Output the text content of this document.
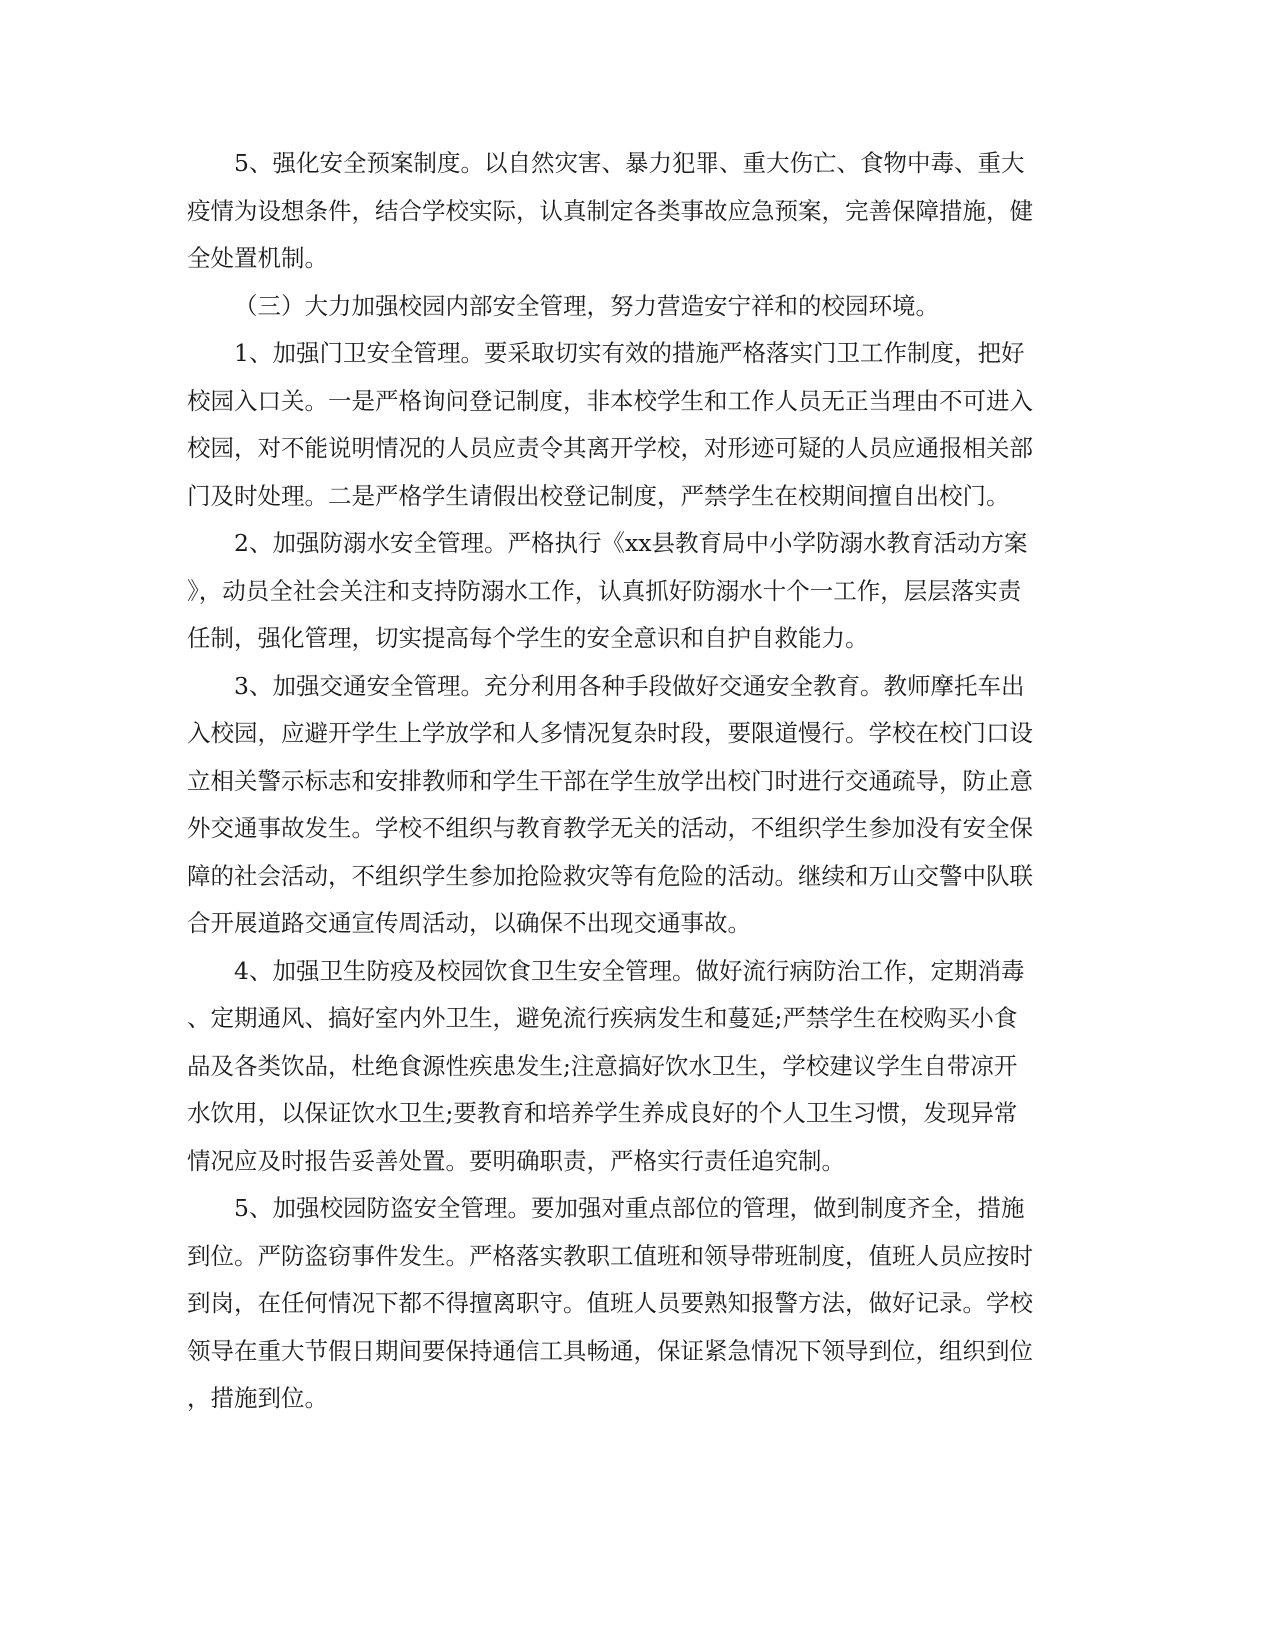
5、强化安全预案制度。以自然灾害、暴力犯罪、重大伤亡、食物中毒、重大
疫情为设想条件，结合学校实际，认真制定各类事故应急预案，完善保障措施，健
全处置机制。
（三）大力加强校园内部安全管理，努力营造安宁祥和的校园环境。
1、加强门卫安全管理。要采取切实有效的措施严格落实门卫工作制度，把好
校园入口关。一是严格询问登记制度，非本校学生和工作人员无正当理由不可进入
校园，对不能说明情况的人员应责令其离开学校，对形迹可疑的人员应通报相关部
门及时处理。二是严格学生请假出校登记制度，严禁学生在校期间擅自出校门。
2、加强防溺水安全管理。严格执行《xx县教育局中小学防溺水教育活动方案
》，动员全社会关注和支持防溺水工作，认真抓好防溺水十个一工作，层层落实责
任制，强化管理，切实提高每个学生的安全意识和自护自救能力。
3、加强交通安全管理。充分利用各种手段做好交通安全教育。教师摩托车出
入校园，应避开学生上学放学和人多情况复杂时段，要限道慢行。学校在校门口设
立相关警示标志和安排教师和学生干部在学生放学出校门时进行交通疏导，防止意
外交通事故发生。学校不组织与教育教学无关的活动，不组织学生参加没有安全保
障的社会活动，不组织学生参加抢险救灾等有危险的活动。继续和万山交警中队联
合开展道路交通宣传周活动，以确保不出现交通事故。
4、加强卫生防疫及校园饮食卫生安全管理。做好流行病防治工作，定期消毒
、定期通风、搞好室内外卫生，避免流行疾病发生和蔓延;严禁学生在校购买小食
品及各类饮品，杜绝食源性疾患发生;注意搞好饮水卫生，学校建议学生自带凉开
水饮用，以保证饮水卫生;要教育和培养学生养成良好的个人卫生习惯，发现异常
情况应及时报告妥善处置。要明确职责，严格实行责任追究制。
5、加强校园防盗安全管理。要加强对重点部位的管理，做到制度齐全，措施
到位。严防盗窃事件发生。严格落实教职工值班和领导带班制度，值班人员应按时
到岗，在任何情况下都不得擅离职守。值班人员要熟知报警方法，做好记录。学校
领导在重大节假日期间要保持通信工具畅通，保证紧急情况下领导到位，组织到位
，措施到位。
